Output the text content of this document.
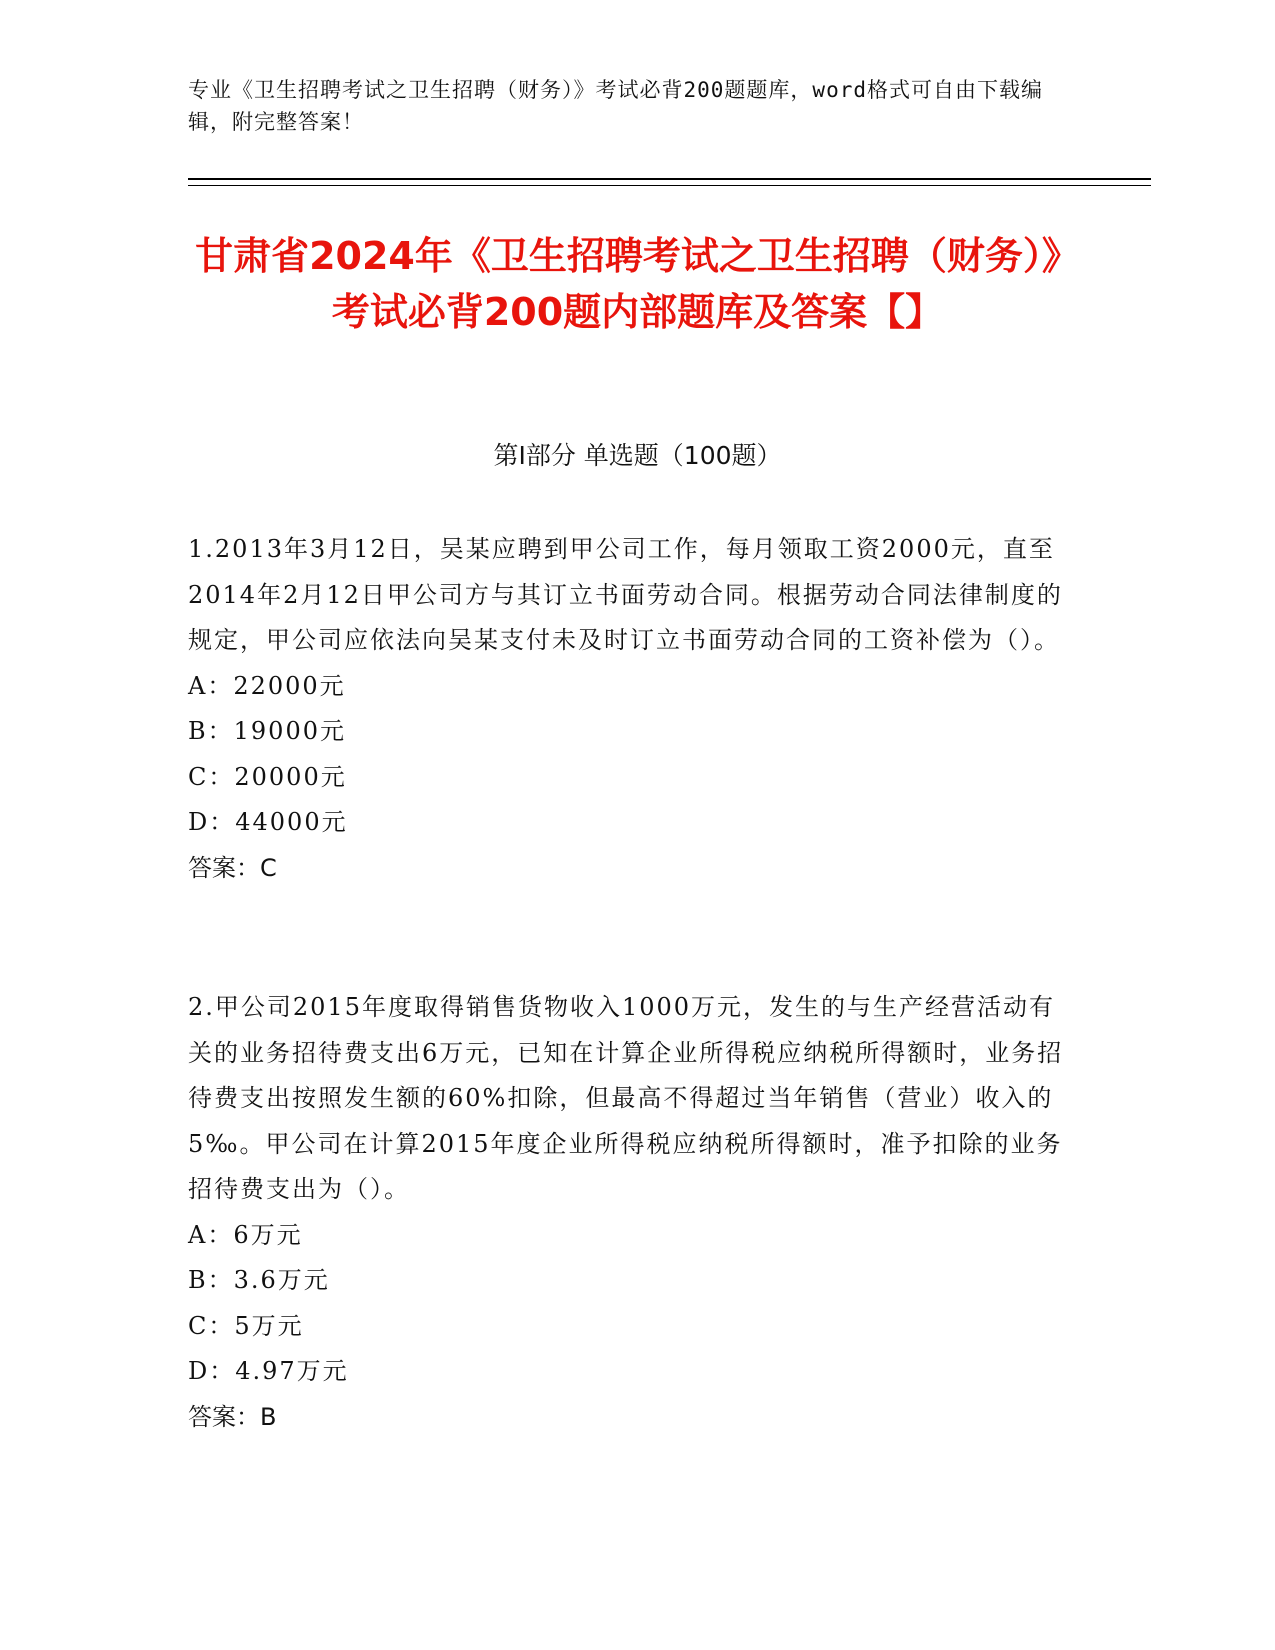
专业《卫生招聘考试之卫生招聘（财务）》考试必背200题题库，word格式可自由下载编辑，附完整答案！
甘肃省2024年《卫生招聘考试之卫生招聘（财务）》考试必背200题内部题库及答案【】
第I部分 单选题（100题）
1.2013年3月12日，吴某应聘到甲公司工作，每月领取工资2000元，直至2014年2月12日甲公司方与其订立书面劳动合同。根据劳动合同法律制度的规定，甲公司应依法向吴某支付未及时订立书面劳动合同的工资补偿为（）。
A：22000元
B：19000元
C：20000元
D：44000元
答案：C
2.甲公司2015年度取得销售货物收入1000万元，发生的与生产经营活动有关的业务招待费支出6万元，已知在计算企业所得税应纳税所得额时，业务招待费支出按照发生额的60%扣除，但最高不得超过当年销售（营业）收入的5‰。甲公司在计算2015年度企业所得税应纳税所得额时，准予扣除的业务招待费支出为（）。
A：6万元
B：3.6万元
C：5万元
D：4.97万元
答案：B
